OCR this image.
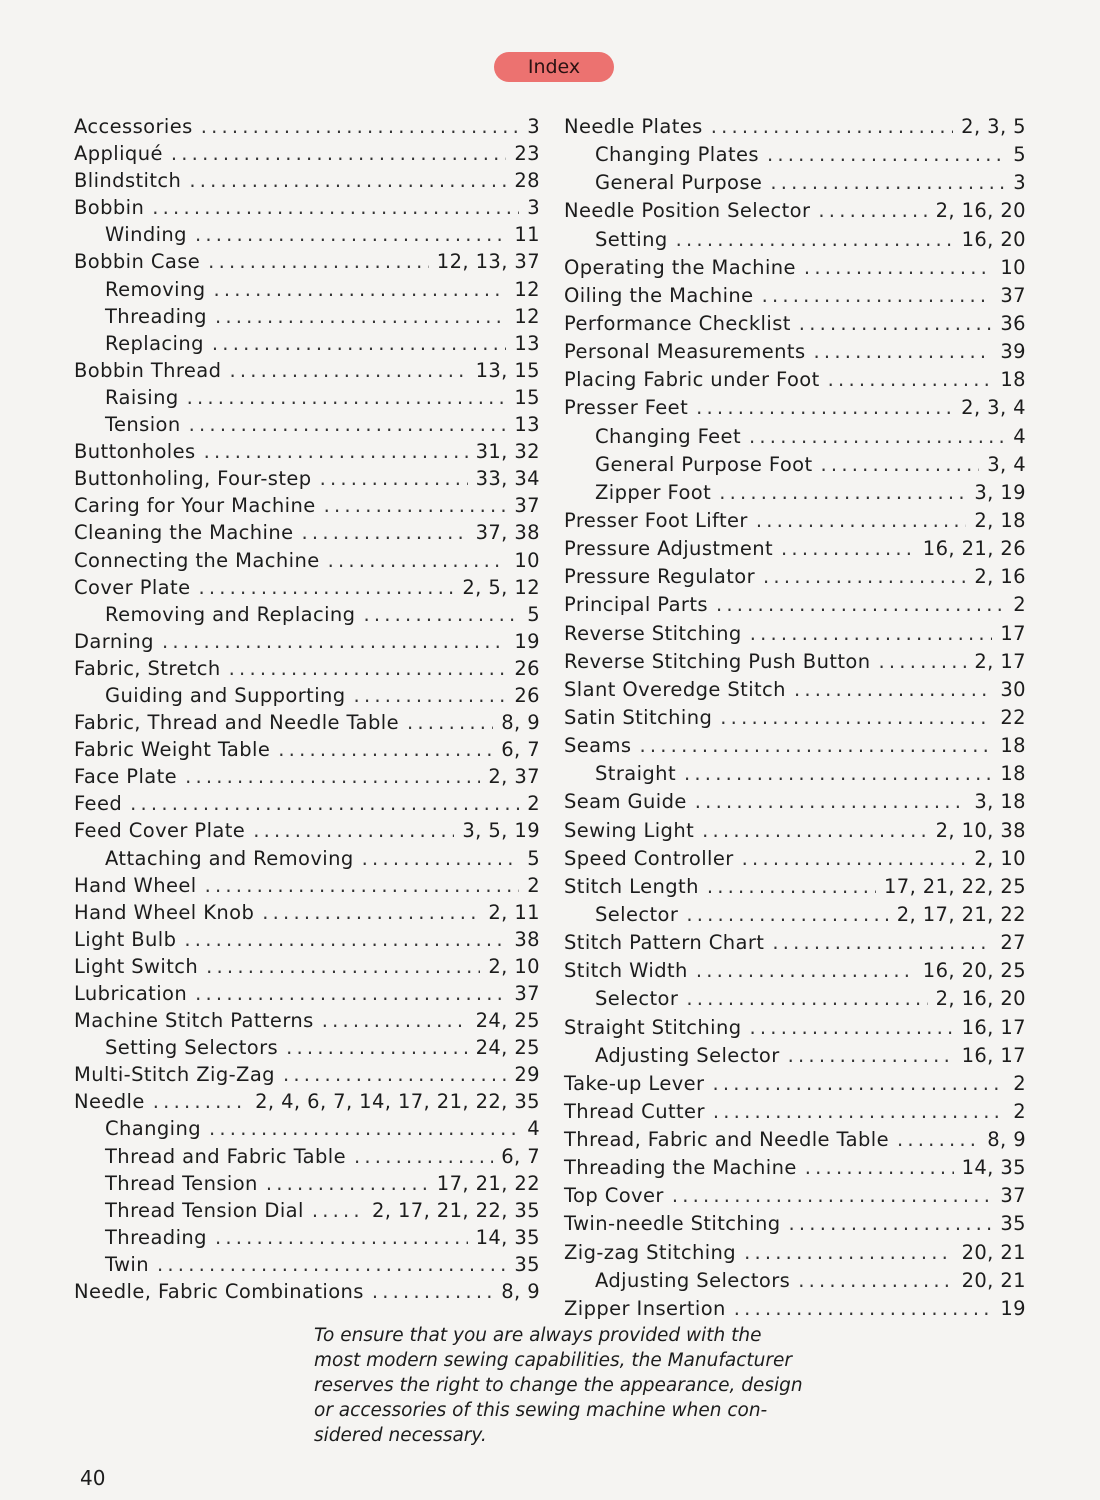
Index
Accessories . . .	3
Appliqué . . .	23
Blindstitch . . .	28
Bobbin . . .	3
Winding . . .	11
Bobbin Case . . .	12, 13, 37
Removing . . .	12
Threading . . .	12
Replacing . . .	13
Bobbin Thread . . .	13, 15
Raising . . .	15
Tension . . .	13
Buttonholes . . .	31, 32
Buttonholing, Four-step . . .	33, 34
Caring for Your Machine . . .	37
Cleaning the Machine . . .	37, 38
Connecting the Machine . . .	10
Cover Plate . . .	2, 5, 12
Removing and Replacing . . .	5
Darning . . .	19
Fabric, Stretch . . .	26
Guiding and Supporting . . .	26
Fabric, Thread and Needle Table . . .	8, 9
Fabric Weight Table . . .	6, 7
Face Plate . . .	2, 37
Feed . . .	2
Feed Cover Plate . . .	3, 5, 19
Attaching and Removing . . .	5
Hand Wheel . . .	2
Hand Wheel Knob . . .	2, 11
Light Bulb . . .	38
Light Switch . . .	2, 10
Lubrication . . .	37
Machine Stitch Patterns . . .	24, 25
Setting Selectors . . .	24, 25
Multi-Stitch Zig-Zag . . .	29
Needle . . .	2, 4, 6, 7, 14, 17, 21, 22, 35
Changing . . .	4
Thread and Fabric Table . . .	6, 7
Thread Tension . . .	17, 21, 22
Thread Tension Dial . . .	2, 17, 21, 22, 35
Threading . . .	14, 35
Twin . . .	35
Needle, Fabric Combinations . . .	8, 9
Needle Plates . . .	2, 3, 5
Changing Plates . . .	5
General Purpose . . .	3
Needle Position Selector . . .	2, 16, 20
Setting . . .	16, 20
Operating the Machine . . .	10
Oiling the Machine . . .	37
Performance Checklist . . .	36
Personal Measurements . . .	39
Placing Fabric under Foot . . .	18
Presser Feet . . .	2, 3, 4
Changing Feet . . .	4
General Purpose Foot . . .	3, 4
Zipper Foot . . .	3, 19
Presser Foot Lifter . . .	2, 18
Pressure Adjustment . . .	16, 21, 26
Pressure Regulator . . .	2, 16
Principal Parts . . .	2
Reverse Stitching . . .	17
Reverse Stitching Push Button . . .	2, 17
Slant Overedge Stitch . . .	30
Satin Stitching . . .	22
Seams . . .	18
Straight . . .	18
Seam Guide . . .	3, 18
Sewing Light . . .	2, 10, 38
Speed Controller . . .	2, 10
Stitch Length . . .	17, 21, 22, 25
Selector . . .	2, 17, 21, 22
Stitch Pattern Chart . . .	27
Stitch Width . . .	16, 20, 25
Selector . . .	2, 16, 20
Straight Stitching . . .	16, 17
Adjusting Selector . . .	16, 17
Take-up Lever . . .	2
Thread Cutter . . .	2
Thread, Fabric and Needle Table . . .	8, 9
Threading the Machine . . .	14, 35
Top Cover . . .	37
Twin-needle Stitching . . .	35
Zig-zag Stitching . . .	20, 21
Adjusting Selectors . . .	20, 21
Zipper Insertion . . .	19
To ensure that you are always provided with the
most modern sewing capabilities, the Manufacturer
reserves the right to change the appearance, design
or accessories of this sewing machine when con-
sidered necessary.
40
